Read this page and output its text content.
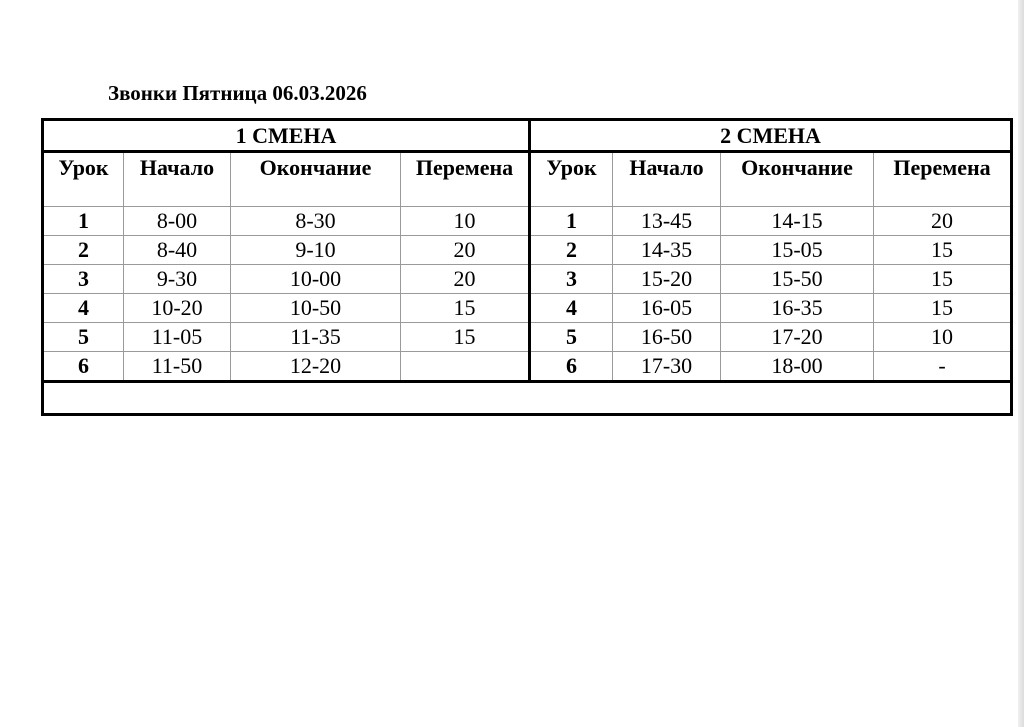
Звонки Пятница 06.03.2026
1 СМЕНА				2 СМЕНА			
Урок	Начало	Окончание	Перемена	Урок	Начало	Окончание	Перемена
1	8-00	8-30	10	1	13-45	14-15	20
2	8-40	9-10	20	2	14-35	15-05	15
3	9-30	10-00	20	3	15-20	15-50	15
4	10-20	10-50	15	4	16-05	16-35	15
5	11-05	11-35	15	5	16-50	17-20	10
6	11-50	12-20		6	17-30	18-00	-
